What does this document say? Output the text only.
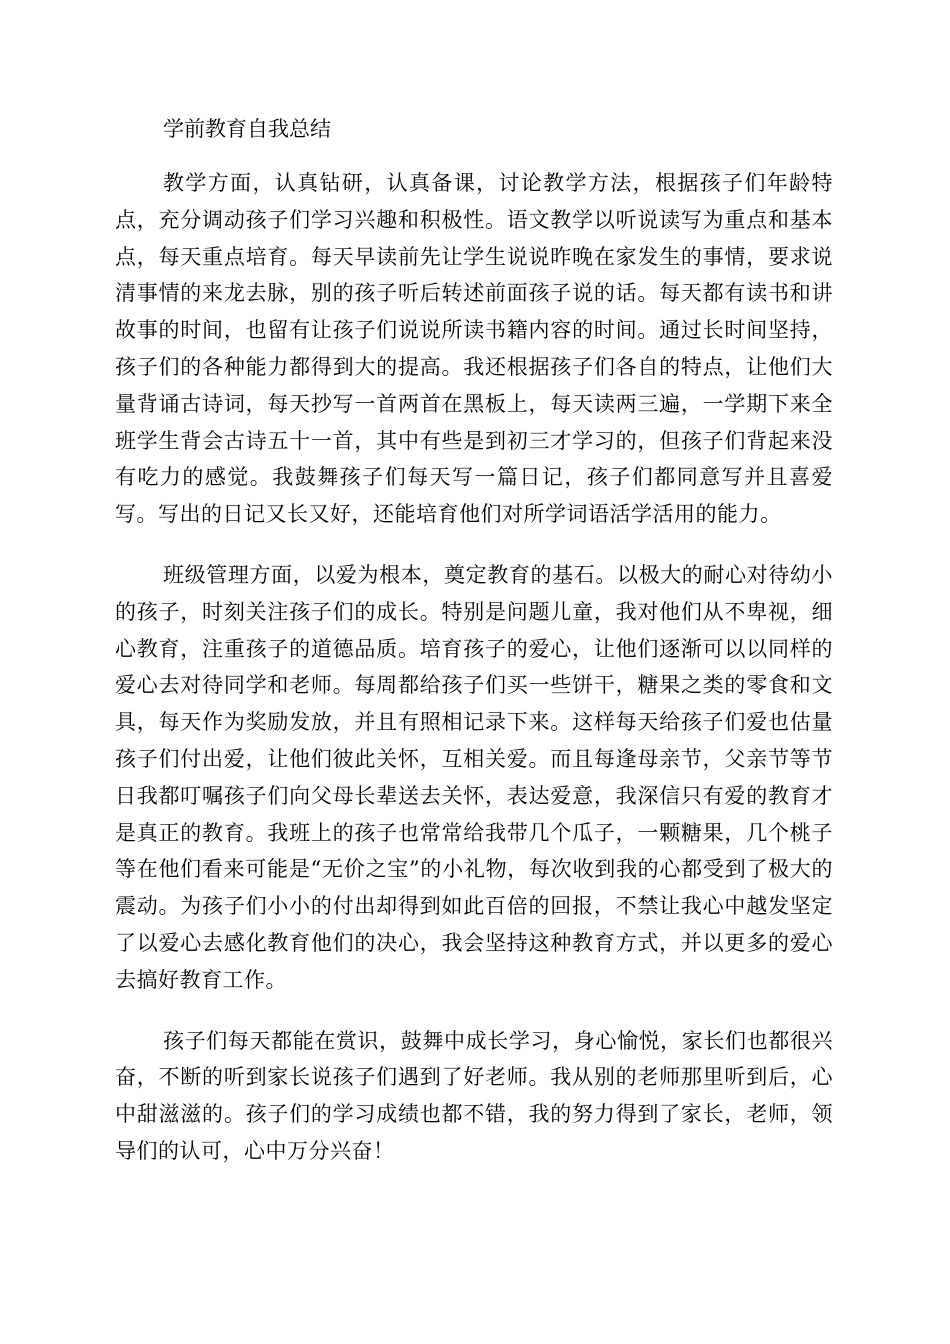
学前教育自我总结

教学方面，认真钻研，认真备课，讨论教学方法，根据孩子们年龄特点，充分调动孩子们学习兴趣和积极性。语文教学以听说读写为重点和基本点，每天重点培育。每天早读前先让学生说说昨晚在家发生的事情，要求说清事情的来龙去脉，别的孩子听后转述前面孩子说的话。每天都有读书和讲故事的时间，也留有让孩子们说说所读书籍内容的时间。通过长时间坚持，孩子们的各种能力都得到大的提高。我还根据孩子们各自的特点，让他们大量背诵古诗词，每天抄写一首两首在黑板上，每天读两三遍，一学期下来全班学生背会古诗五十一首，其中有些是到初三才学习的，但孩子们背起来没有吃力的感觉。我鼓舞孩子们每天写一篇日记，孩子们都同意写并且喜爱写。写出的日记又长又好，还能培育他们对所学词语活学活用的能力。

班级管理方面，以爱为根本，奠定教育的基石。以极大的耐心对待幼小的孩子，时刻关注孩子们的成长。特别是问题儿童，我对他们从不卑视，细心教育，注重孩子的道德品质。培育孩子的爱心，让他们逐渐可以以同样的爱心去对待同学和老师。每周都给孩子们买一些饼干，糖果之类的零食和文具，每天作为奖励发放，并且有照相记录下来。这样每天给孩子们爱也估量孩子们付出爱，让他们彼此关怀，互相关爱。而且每逢母亲节，父亲节等节日我都叮嘱孩子们向父母长辈送去关怀，表达爱意，我深信只有爱的教育才是真正的教育。我班上的孩子也常常给我带几个瓜子，一颗糖果，几个桃子等在他们看来可能是“无价之宝”的小礼物，每次收到我的心都受到了极大的震动。为孩子们小小的付出却得到如此百倍的回报，不禁让我心中越发坚定了以爱心去感化教育他们的决心，我会坚持这种教育方式，并以更多的爱心去搞好教育工作。

孩子们每天都能在赏识，鼓舞中成长学习，身心愉悦，家长们也都很兴奋，不断的听到家长说孩子们遇到了好老师。我从别的老师那里听到后，心中甜滋滋的。孩子们的学习成绩也都不错，我的努力得到了家长，老师，领导们的认可，心中万分兴奋！
